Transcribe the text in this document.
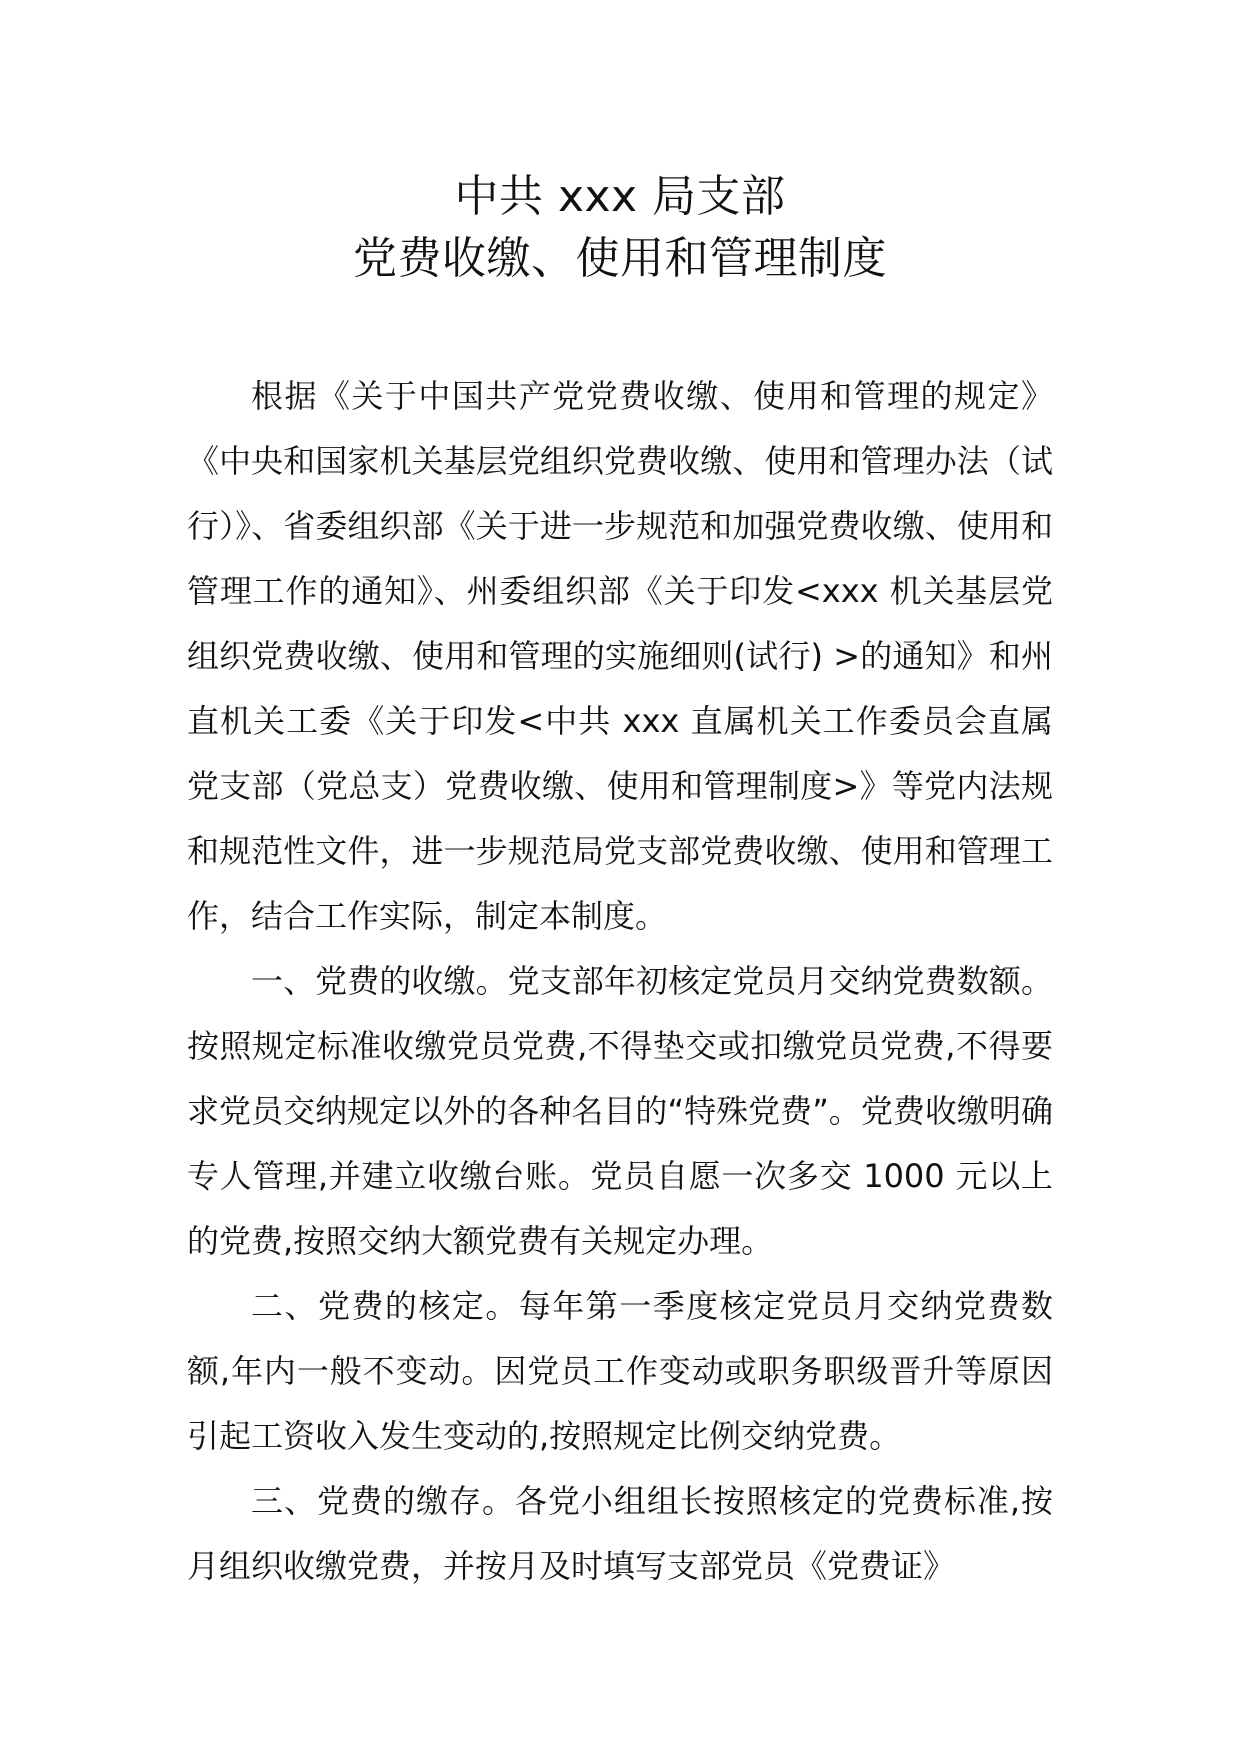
中共 xxx 局支部
党费收缴、使用和管理制度

根据《关于中国共产党党费收缴、使用和管理的规定》《中央和国家机关基层党组织党费收缴、使用和管理办法（试行）》、省委组织部《关于进一步规范和加强党费收缴、使用和管理工作的通知》、州委组织部《关于印发<xxx 机关基层党组织党费收缴、使用和管理的实施细则(试行) >的通知》和州直机关工委《关于印发<中共 xxx 直属机关工作委员会直属党支部（党总支）党费收缴、使用和管理制度>》等党内法规和规范性文件，进一步规范局党支部党费收缴、使用和管理工作，结合工作实际，制定本制度。

一、党费的收缴。党支部年初核定党员月交纳党费数额。按照规定标准收缴党员党费,不得垫交或扣缴党员党费,不得要求党员交纳规定以外的各种名目的“特殊党费”。党费收缴明确专人管理,并建立收缴台账。党员自愿一次多交 1000 元以上的党费,按照交纳大额党费有关规定办理。

二、党费的核定。每年第一季度核定党员月交纳党费数额,年内一般不变动。因党员工作变动或职务职级晋升等原因引起工资收入发生变动的,按照规定比例交纳党费。

三、党费的缴存。各党小组组长按照核定的党费标准,按月组织收缴党费，并按月及时填写支部党员《党费证》
